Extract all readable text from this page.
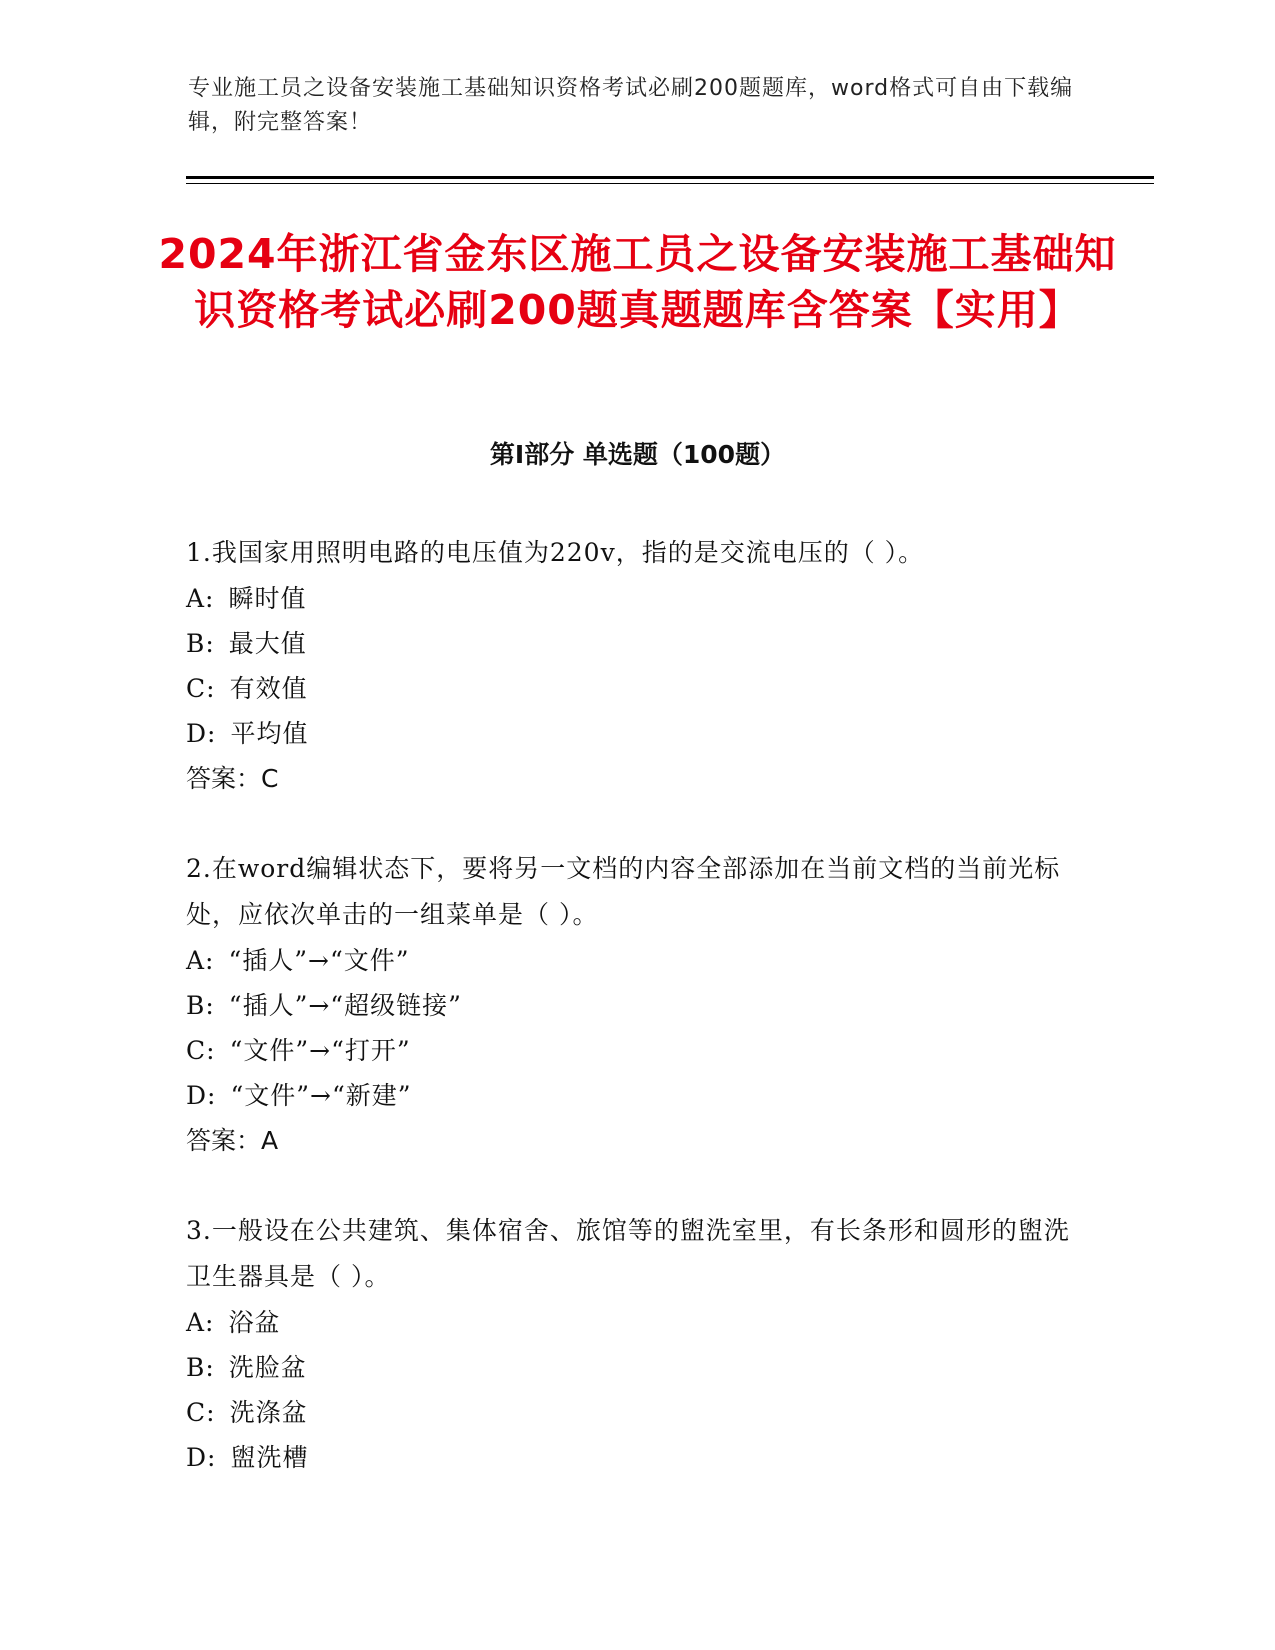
专业施工员之设备安装施工基础知识资格考试必刷200题题库，word格式可自由下载编辑，附完整答案！
2024年浙江省金东区施工员之设备安装施工基础知识资格考试必刷200题真题题库含答案【实用】
第Ⅰ部分 单选题（100题）
1.我国家用照明电路的电压值为220v，指的是交流电压的（ ）。
A: 瞬时值
B: 最大值
C: 有效值
D: 平均值
答案：C
2.在word编辑状态下，要将另一文档的内容全部添加在当前文档的当前光标处，应依次单击的一组菜单是（ ）。
A: “插人”→“文件”
B: “插人”→“超级链接”
C: “文件”→“打开”
D: “文件”→“新建”
答案：A
3.一般设在公共建筑、集体宿舍、旅馆等的盥洗室里，有长条形和圆形的盥洗卫生器具是（ ）。
A: 浴盆
B: 洗脸盆
C: 洗涤盆
D: 盥洗槽
